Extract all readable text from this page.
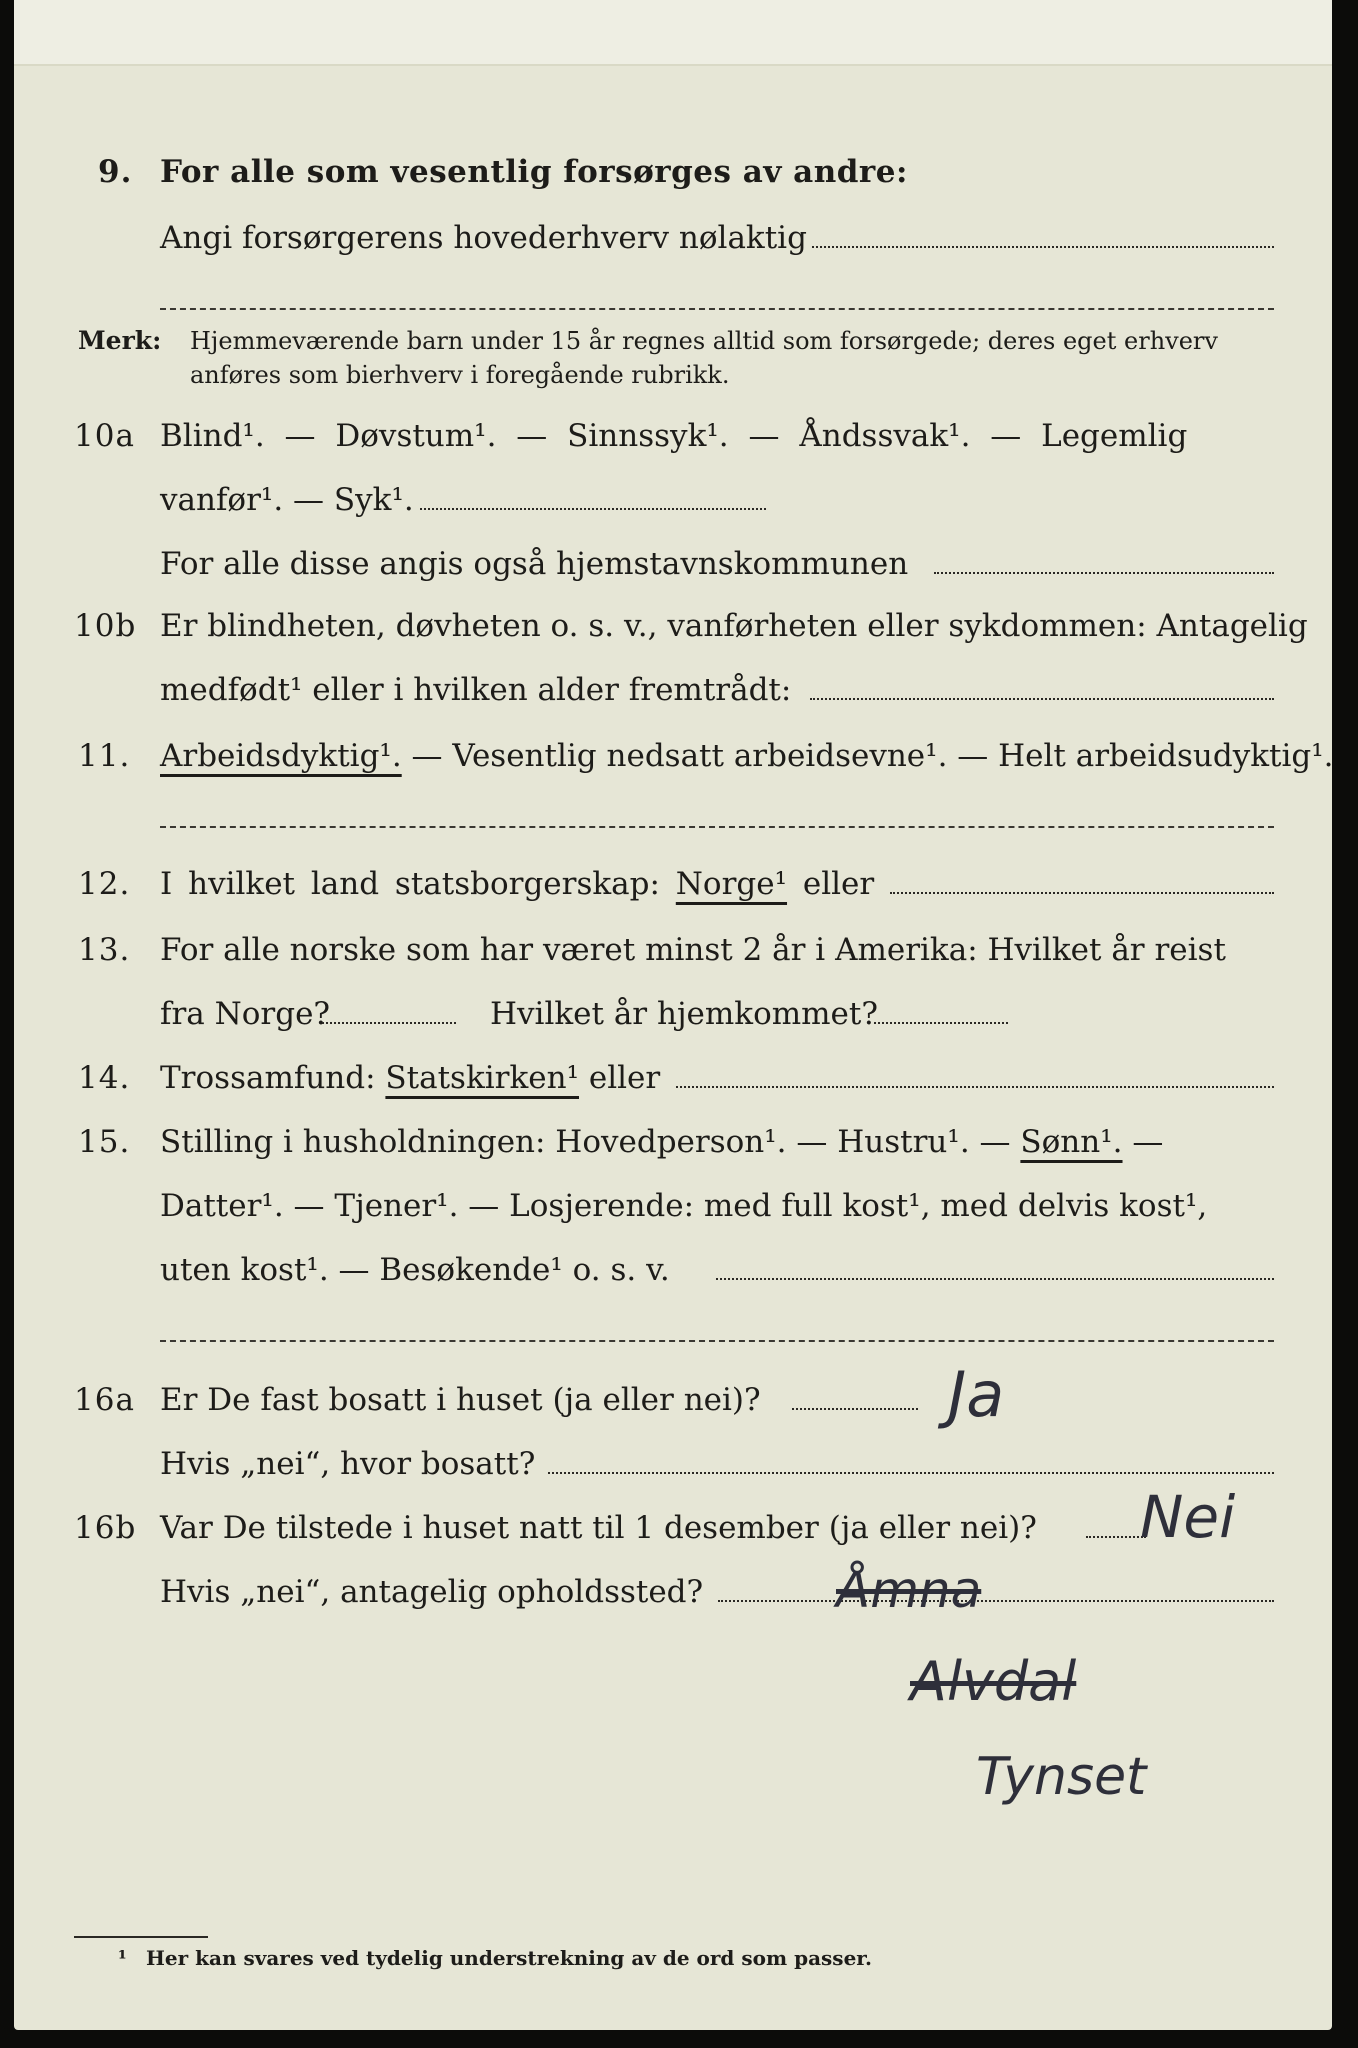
9. For alle som vesentlig forsørges av andre:
Angi forsørgerens hovederhverv nølaktig
Merk: Hjemmeværende barn under 15 år regnes alltid som forsørgede; deres eget erhverv
anføres som bierhverv i foregående rubrikk.
10a Blind¹. — Døvstum¹. — Sinnssyk¹. — Åndssvak¹. — Legemlig
vanfør¹. — Syk¹.
For alle disse angis også hjemstavnskommunen
10b Er blindheten, døvheten o. s. v., vanførheten eller sykdommen: Antagelig
medfødt¹ eller i hvilken alder fremtrådt:
11. Arbeidsdyktig¹. — Vesentlig nedsatt arbeidsevne¹. — Helt arbeidsudyktig¹.
12. I hvilket land statsborgerskap: Norge¹ eller
13. For alle norske som har været minst 2 år i Amerika: Hvilket år reist
fra Norge?	Hvilket år hjemkommet?
14. Trossamfund: Statskirken¹ eller
15. Stilling i husholdningen: Hovedperson¹. — Hustru¹. — Sønn¹. —
Datter¹. — Tjener¹. — Losjerende: med full kost¹, med delvis kost¹,
uten kost¹. — Besøkende¹ o. s. v.
16a Er De fast bosatt i huset (ja eller nei)?	Ja
Hvis „nei“, hvor bosatt?
16b Var De tilstede i huset natt til 1 desember (ja eller nei)? Nei
Hvis „nei“, antagelig opholdssted?	Åmna
Alvdal
Tynset
¹ Her kan svares ved tydelig understrekning av de ord som passer.
